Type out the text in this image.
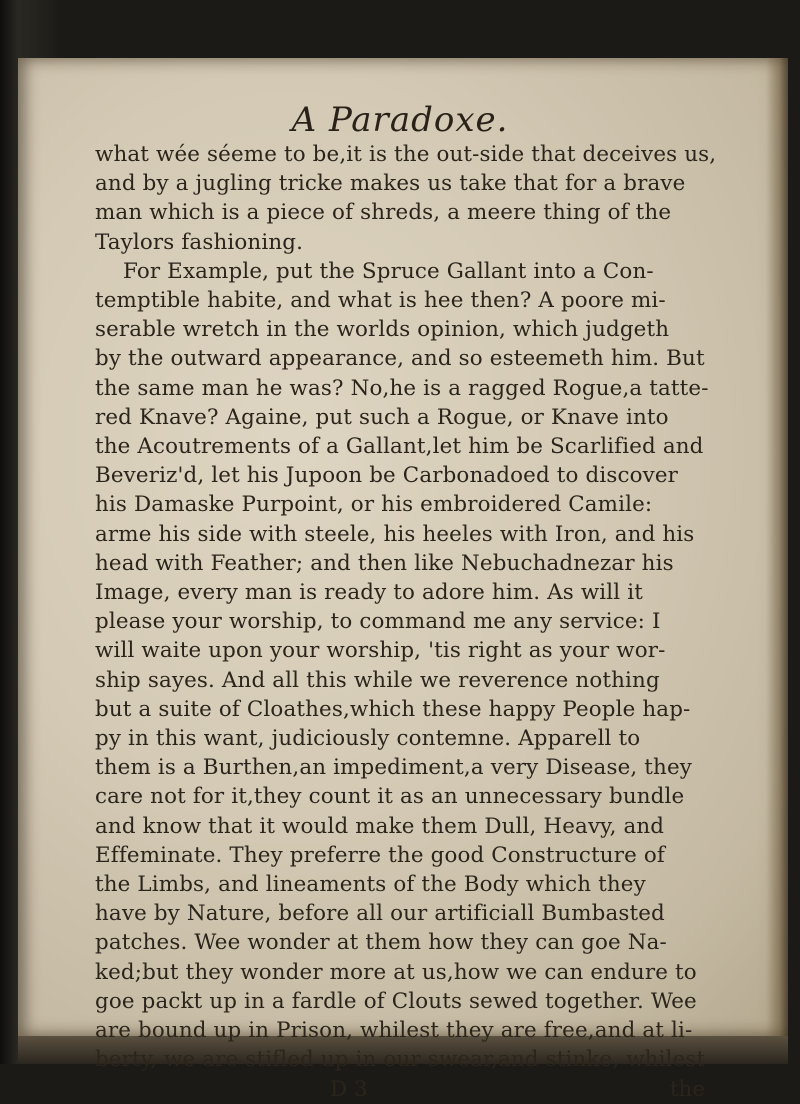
A Paradoxe.
what wée séeme to be,it is the out-side that deceives us,
and by a jugling tricke makes us take that for a brave
man which is a piece of shreds, a meere thing of the
Taylors fashioning.
For Example, put the Spruce Gallant into a Con-
temptible habite, and what is hee then? A poore mi-
serable wretch in the worlds opinion, which judgeth
by the outward appearance, and so esteemeth him. But
the same man he was? No,he is a ragged Rogue,a tatte-
red Knave? Againe, put such a Rogue, or Knave into
the Acoutrements of a Gallant,let him be Scarlified and
Beveriz'd, let his Jupoon be Carbonadoed to discover
his Damaske Purpoint, or his embroidered Camile:
arme his side with steele, his heeles with Iron, and his
head with Feather; and then like Nebuchadnezar his
Image, every man is ready to adore him. As will it
please your worship, to command me any service: I
will waite upon your worship, 'tis right as your wor-
ship sayes. And all this while we reverence nothing
but a suite of Cloathes,which these happy People hap-
py in this want, judiciously contemne. Apparell to
them is a Burthen,an impediment,a very Disease, they
care not for it,they count it as an unnecessary bundle
and know that it would make them Dull, Heavy, and
Effeminate. They preferre the good Constructure of
the Limbs, and lineaments of the Body which they
have by Nature, before all our artificiall Bumbasted
patches. Wee wonder at them how they can goe Na-
ked;but they wonder more at us,how we can endure to
goe packt up in a fardle of Clouts sewed together. Wee
are bound up in Prison, whilest they are free,and at li-
berty, we are stifled up in our swear,and stinke, whilest
D 3	the
